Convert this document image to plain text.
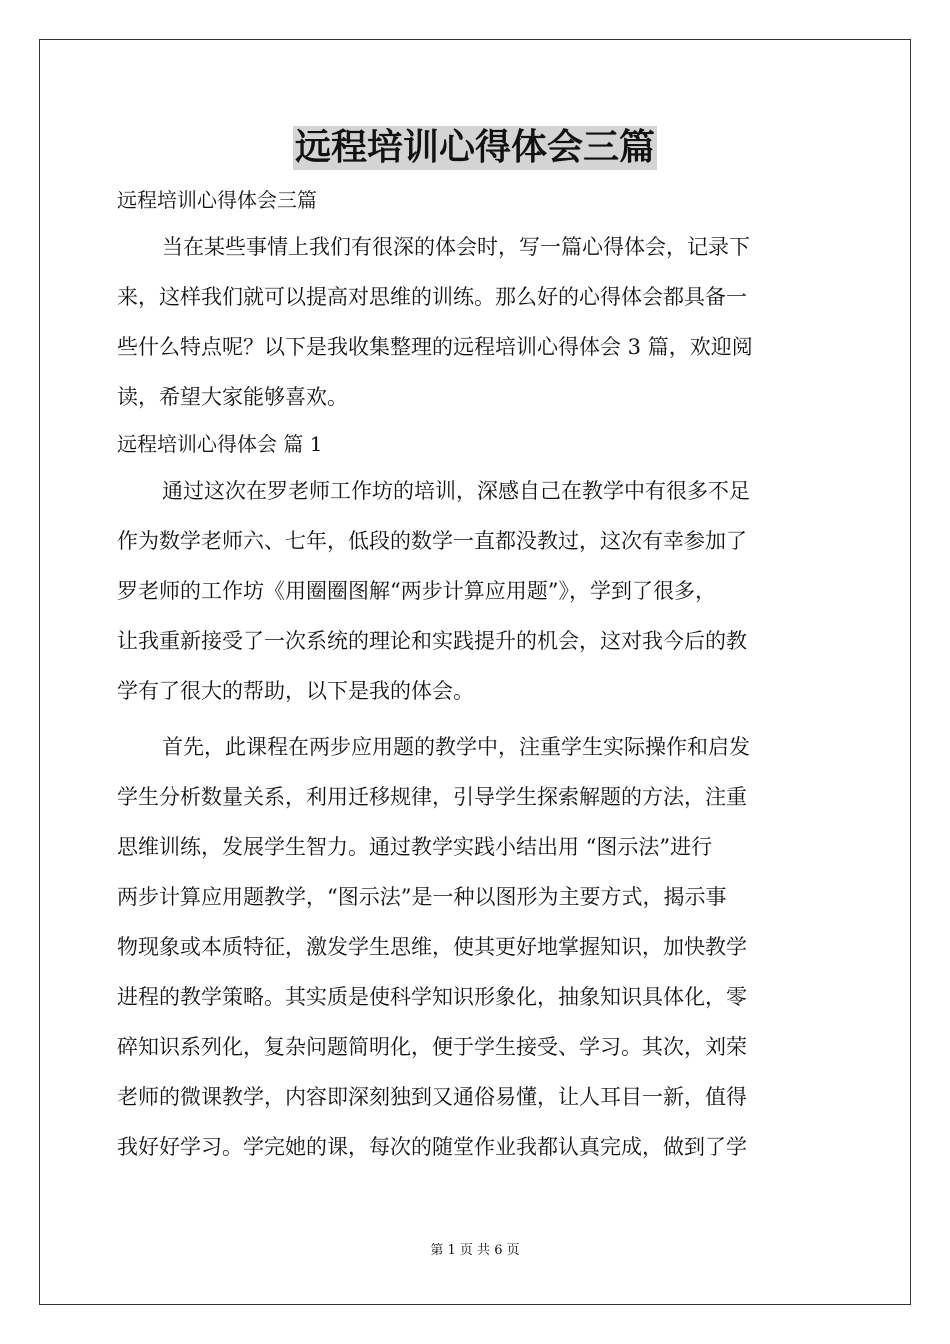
远程培训心得体会三篇
远程培训心得体会三篇
当在某些事情上我们有很深的体会时，写一篇心得体会，记录下
来，这样我们就可以提高对思维的训练。那么好的心得体会都具备一
些什么特点呢？以下是我收集整理的远程培训心得体会 3 篇，欢迎阅
读，希望大家能够喜欢。
远程培训心得体会 篇 1
通过这次在罗老师工作坊的培训，深感自己在教学中有很多不足
作为数学老师六、七年，低段的数学一直都没教过，这次有幸参加了
罗老师的工作坊《用圈圈图解“两步计算应用题”》，学到了很多，
让我重新接受了一次系统的理论和实践提升的机会，这对我今后的教
学有了很大的帮助，以下是我的体会。
首先，此课程在两步应用题的教学中，注重学生实际操作和启发
学生分析数量关系，利用迁移规律，引导学生探索解题的方法，注重
思维训练，发展学生智力。通过教学实践小结出用 “图示法”进行
两步计算应用题教学，“图示法”是一种以图形为主要方式，揭示事
物现象或本质特征，激发学生思维，使其更好地掌握知识，加快教学
进程的教学策略。其实质是使科学知识形象化，抽象知识具体化，零
碎知识系列化，复杂问题简明化，便于学生接受、学习。其次，刘荣
老师的微课教学，内容即深刻独到又通俗易懂，让人耳目一新，值得
我好好学习。学完她的课，每次的随堂作业我都认真完成，做到了学
第 1 页 共 6 页
